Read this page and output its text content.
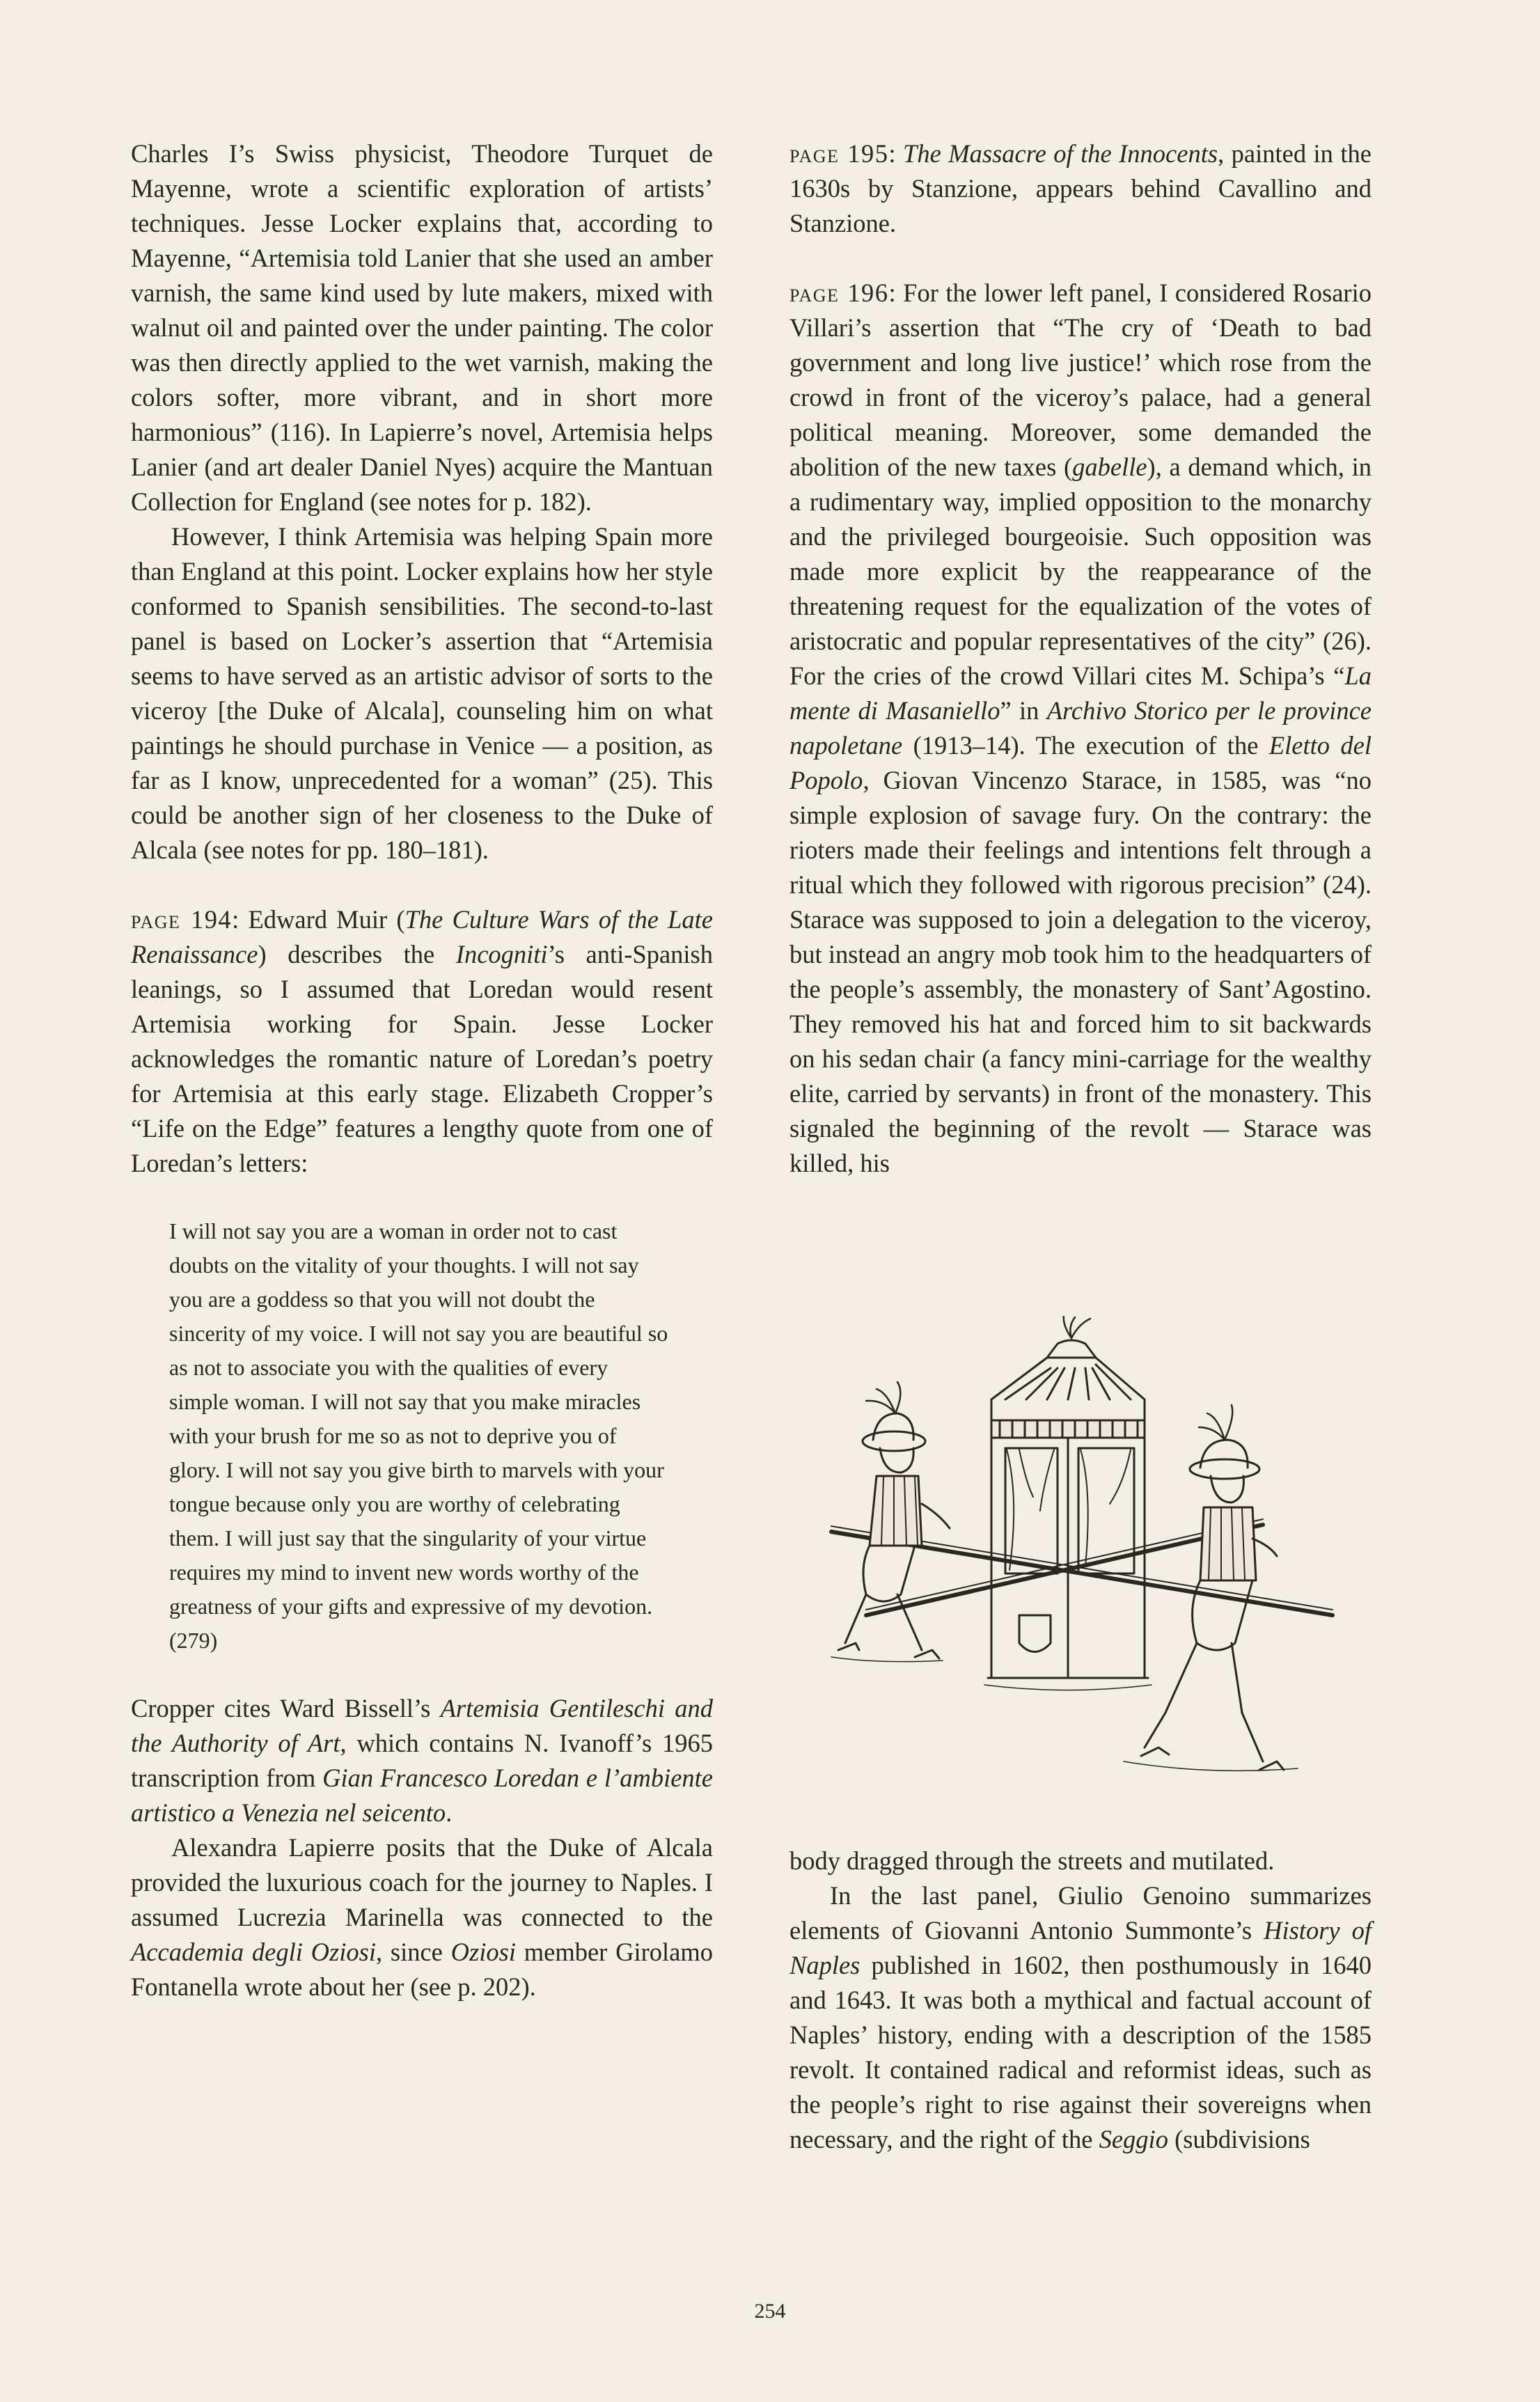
Charles I’s Swiss physicist, Theodore Turquet de Mayenne, wrote a scientific exploration of artists’ techniques. Jesse Locker explains that, according to Mayenne, “Artemisia told Lanier that she used an amber varnish, the same kind used by lute makers, mixed with walnut oil and painted over the under painting. The color was then directly applied to the wet varnish, making the colors softer, more vibrant, and in short more harmonious” (116). In Lapierre’s novel, Artemisia helps Lanier (and art dealer Daniel Nyes) acquire the Mantuan Collection for England (see notes for p. 182).

However, I think Artemisia was helping Spain more than England at this point. Locker explains how her style conformed to Spanish sensibilities. The second-to-last panel is based on Locker’s assertion that “Artemisia seems to have served as an artistic advisor of sorts to the viceroy [the Duke of Alcala], counseling him on what paintings he should purchase in Venice — a position, as far as I know, unprecedented for a woman” (25). This could be another sign of her closeness to the Duke of Alcala (see notes for pp. 180–181).

page 194: Edward Muir (The Culture Wars of the Late Renaissance) describes the Incogniti’s anti-Spanish leanings, so I assumed that Loredan would resent Artemisia working for Spain. Jesse Locker acknowledges the romantic nature of Loredan’s poetry for Artemisia at this early stage. Elizabeth Cropper’s “Life on the Edge” features a lengthy quote from one of Loredan’s letters:

I will not say you are a woman in order not to cast doubts on the vitality of your thoughts. I will not say you are a goddess so that you will not doubt the sincerity of my voice. I will not say you are beautiful so as not to associate you with the qualities of every simple woman. I will not say that you make miracles with your brush for me so as not to deprive you of glory. I will not say you give birth to marvels with your tongue because only you are worthy of celebrating them. I will just say that the singularity of your virtue requires my mind to invent new words worthy of the greatness of your gifts and expressive of my devotion. (279)

Cropper cites Ward Bissell’s Artemisia Gentileschi and the Authority of Art, which contains N. Ivanoff’s 1965 transcription from Gian Francesco Loredan e l’ambiente artistico a Venezia nel seicento.

Alexandra Lapierre posits that the Duke of Alcala provided the luxurious coach for the journey to Naples. I assumed Lucrezia Marinella was connected to the Accademia degli Oziosi, since Oziosi member Girolamo Fontanella wrote about her (see p. 202).

page 195: The Massacre of the Innocents, painted in the 1630s by Stanzione, appears behind Cavallino and Stanzione.

page 196: For the lower left panel, I considered Rosario Villari’s assertion that “The cry of ‘Death to bad government and long live justice!’ which rose from the crowd in front of the viceroy’s palace, had a general political meaning. Moreover, some demanded the abolition of the new taxes (gabelle), a demand which, in a rudimentary way, implied opposition to the monarchy and the privileged bourgeoisie. Such opposition was made more explicit by the reappearance of the threatening request for the equalization of the votes of aristocratic and popular representatives of the city” (26). For the cries of the crowd Villari cites M. Schipa’s “La mente di Masaniello” in Archivo Storico per le province napoletane (1913–14). The execution of the Eletto del Popolo, Giovan Vincenzo Starace, in 1585, was “no simple explosion of savage fury. On the contrary: the rioters made their feelings and intentions felt through a ritual which they followed with rigorous precision” (24). Starace was supposed to join a delegation to the viceroy, but instead an angry mob took him to the headquarters of the people’s assembly, the monastery of Sant’Agostino. They removed his hat and forced him to sit backwards on his sedan chair (a fancy mini-carriage for the wealthy elite, carried by servants) in front of the monastery. This signaled the beginning of the revolt — Starace was killed, his

body dragged through the streets and mutilated.

In the last panel, Giulio Genoino summarizes elements of Giovanni Antonio Summonte’s History of Naples published in 1602, then posthumously in 1640 and 1643. It was both a mythical and factual account of Naples’ history, ending with a description of the 1585 revolt. It contained radical and reformist ideas, such as the people’s right to rise against their sovereigns when necessary, and the right of the Seggio (subdivisions

254
